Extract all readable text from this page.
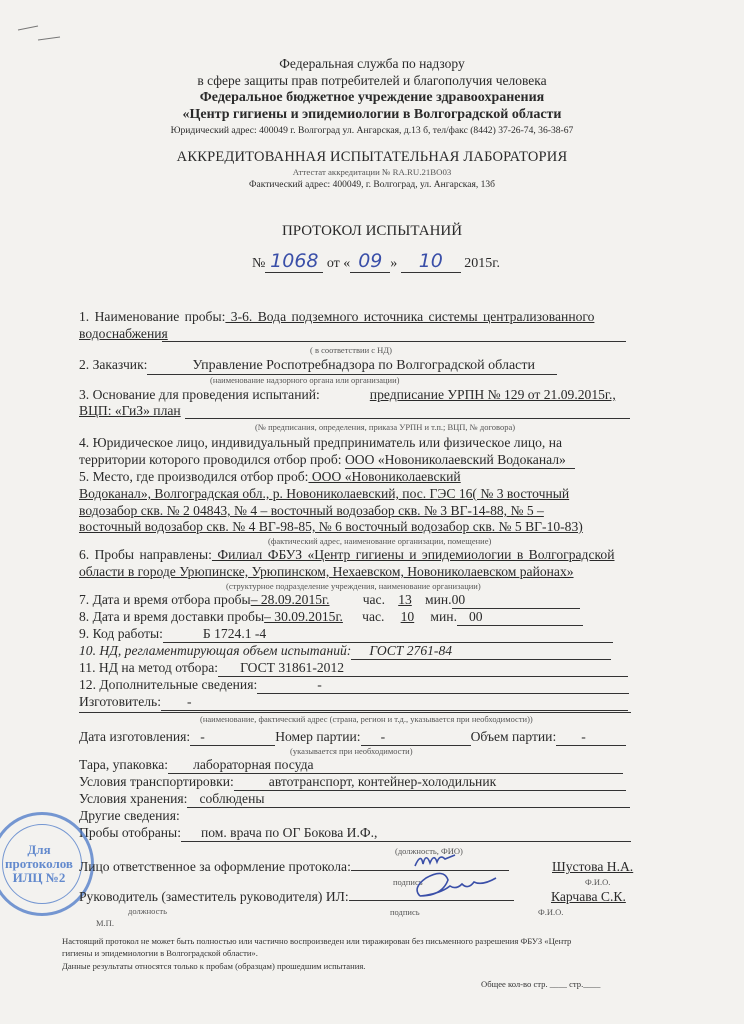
Федеральная служба по надзору
в сфере защиты прав потребителей и благополучия человека
Федеральное бюджетное учреждение здравоохранения
«Центр гигиены и эпидемиологии в Волгоградской области
Юридический адрес: 400049 г. Волгоград ул. Ангарская, д.13 б, тел/факс (8442) 37-26-74, 36-38-67
АККРЕДИТОВАННАЯ ИСПЫТАТЕЛЬНАЯ ЛАБОРАТОРИЯ
Аттестат аккредитации № RA.RU.21ВО03
Фактический адрес: 400049, г. Волгоград, ул. Ангарская, 13б
ПРОТОКОЛ ИСПЫТАНИЙ
№ 1068 от « 09 » 10 2015г.
1. Наименование пробы: 3-6. Вода подземного источника системы централизованного
водоснабжения
( в соответствии с НД)
2. Заказчик:	Управление Роспотребнадзора по Волгоградской области
(наименование надзорного органа или организации)
3. Основание для проведения испытаний:	предписание УРПН № 129 от 21.09.2015г.,
ВЦП: «ГиЗ» план
(№ предписания, определения, приказа УРПН и т.п.; ВЦП, № договора)
4. Юридическое лицо, индивидуальный предприниматель или физическое лицо, на
территории которого проводился отбор проб: ООО «Новониколаевский Водоканал»
5. Место, где производился отбор проб: ООО «Новониколаевский
Водоканал», Волгоградская обл., р. Новониколаевский, пос. ГЭС 16( № 3 восточный
водозабор скв. № 2 04843, № 4 – восточный водозабор скв. № 3 ВГ-14-88, № 5 –
восточный водозабор скв. № 4 ВГ-98-85, № 6 восточный водозабор скв. № 5 ВГ-10-83)
(фактический адрес, наименование организации, помещение)
6. Пробы направлены: Филиал ФБУЗ «Центр гигиены и эпидемиологии в Волгоградской
области в городе Урюпинске, Урюпинском, Нехаевском, Новониколаевском районах»
(структурное подразделение учреждения, наименование организации)
7. Дата и время отбора пробы– 28.09.2015г. час. 13 мин.00
8. Дата и время доставки пробы– 30.09.2015г. час. 10 мин. 00
9. Код работы:	Б 1724.1 -4
10. НД, регламентирующая объем испытаний: ГОСТ 2761-84
11. НД на метод отбора: ГОСТ 31861-2012
12. Дополнительные сведения:	-
Изготовитель: -
(наименование, фактический адрес (страна, регион и т.д., указывается при необходимости))
Дата изготовления: -	Номер партии: -	Объем партии: -
(указывается при необходимости)
Тара, упаковка: лабораторная посуда
Условия транспортировки:	автотранспорт, контейнер-холодильник
Условия хранения: соблюдены
Другие сведения:
Пробы отобраны: пом. врача по ОГ Бокова И.Ф.,
(должность, ФИО)
Для протоколов ИЛЦ №2
Лицо ответственное за оформление протокола:	Шустова Н.А.
подпись	Ф.И.О.
Руководитель (заместитель руководителя) ИЛ:	Карчава С.К.
должность	подпись	Ф.И.О.
М.П.
Настоящий протокол не может быть полностью или частично воспроизведен или тиражирован без письменного разрешения ФБУЗ «Центр
гигиены и эпидемиологии в Волгоградской области».
Данные результаты относятся только к пробам (образцам) прошедшим испытания.
Общее кол-во стр. ____ стр.____
